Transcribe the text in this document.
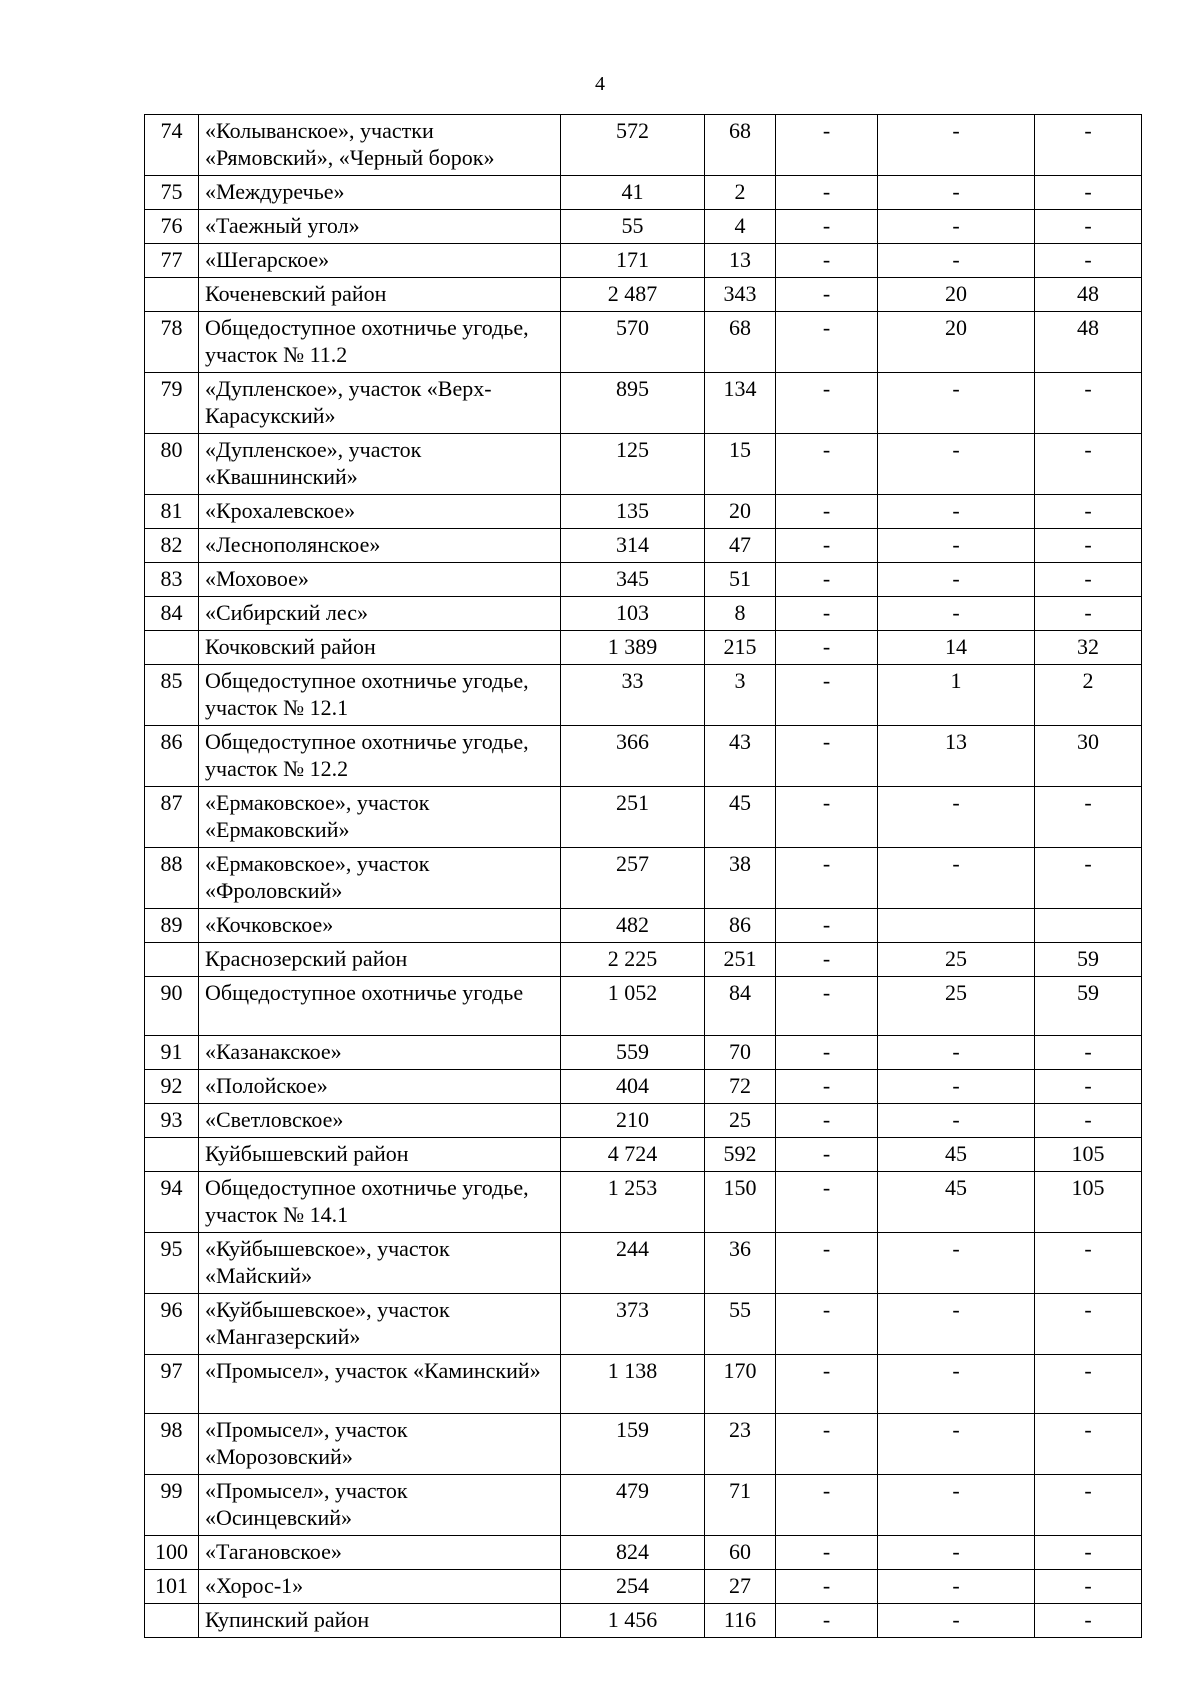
4
74	«Колыванское», участки «Рямовский», «Черный борок»	572	68	-	-	-
75	«Междуречье»	41	2	-	-	-
76	«Таежный угол»	55	4	-	-	-
77	«Шегарское»	171	13	-	-	-
	Коченевский район	2 487	343	-	20	48
78	Общедоступное охотничье угодье, участок № 11.2	570	68	-	20	48
79	«Дупленское», участок «Верх-Карасукский»	895	134	-	-	-
80	«Дупленское», участок «Квашнинский»	125	15	-	-	-
81	«Крохалевское»	135	20	-	-	-
82	«Леснополянское»	314	47	-	-	-
83	«Моховое»	345	51	-	-	-
84	«Сибирский лес»	103	8	-	-	-
	Кочковский район	1 389	215	-	14	32
85	Общедоступное охотничье угодье, участок № 12.1	33	3	-	1	2
86	Общедоступное охотничье угодье, участок № 12.2	366	43	-	13	30
87	«Ермаковское», участок «Ермаковский»	251	45	-	-	-
88	«Ермаковское», участок «Фроловский»	257	38	-	-	-
89	«Кочковское»	482	86	-		
	Краснозерский район	2 225	251	-	25	59
90	Общедоступное охотничье угодье	1 052	84	-	25	59
91	«Казанакское»	559	70	-	-	-
92	«Полойское»	404	72	-	-	-
93	«Светловское»	210	25	-	-	-
	Куйбышевский район	4 724	592	-	45	105
94	Общедоступное охотничье угодье, участок № 14.1	1 253	150	-	45	105
95	«Куйбышевское», участок «Майский»	244	36	-	-	-
96	«Куйбышевское», участок «Мангазерский»	373	55	-	-	-
97	«Промысел», участок «Каминский»	1 138	170	-	-	-
98	«Промысел», участок «Морозовский»	159	23	-	-	-
99	«Промысел», участок «Осинцевский»	479	71	-	-	-
100	«Тагановское»	824	60	-	-	-
101	«Хорос-1»	254	27	-	-	-
	Купинский район	1 456	116	-	-	-
